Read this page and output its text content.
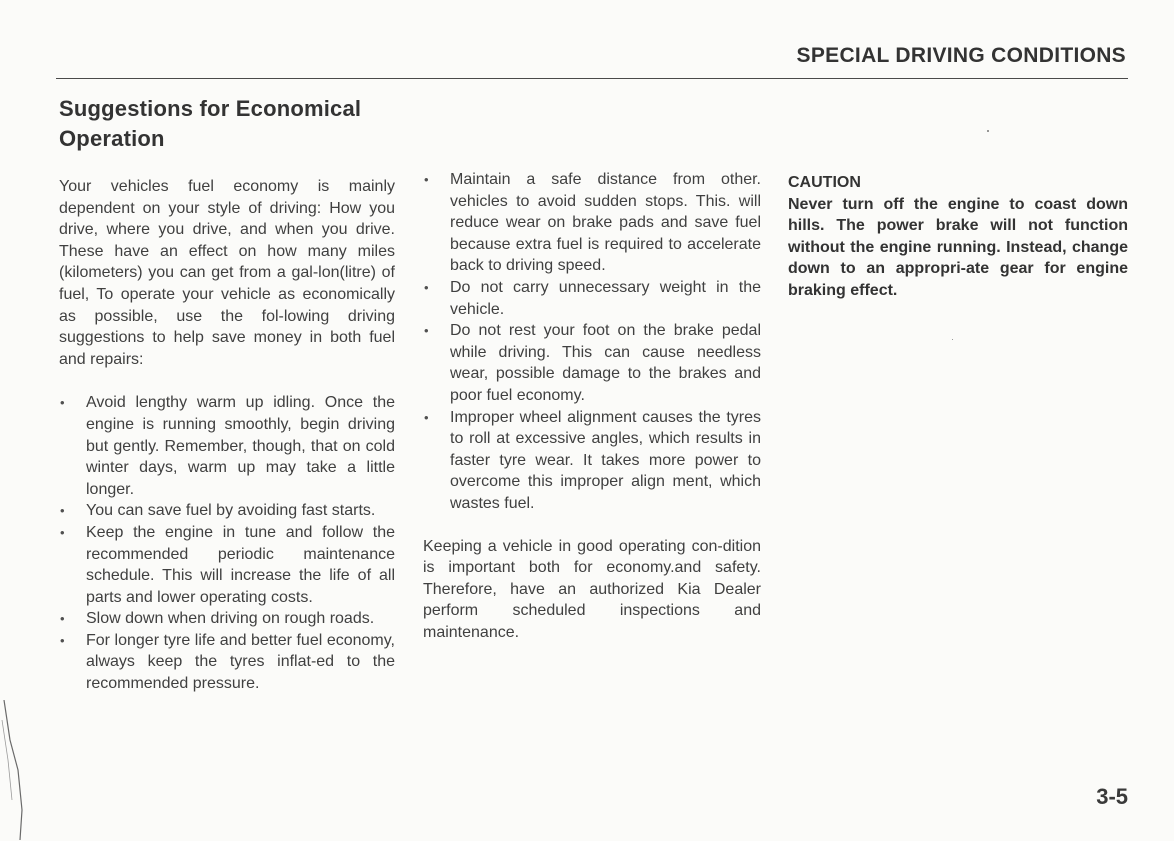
SPECIAL DRIVING CONDITIONS
Suggestions for Economical Operation

Your vehicles fuel economy is mainly dependent on your style of driving: How you drive, where you drive, and when you drive. These have an effect on how many miles (kilometers) you can get from a gal-lon(litre) of fuel, To operate your vehicle as economically as possible, use the fol-lowing driving suggestions to help save money in both fuel and repairs:

• Avoid lengthy warm up idling. Once the engine is running smoothly, begin driving but gently. Remember, though, that on cold winter days, warm up may take a little longer.
• You can save fuel by avoiding fast starts.
• Keep the engine in tune and follow the recommended periodic maintenance schedule. This will increase the life of all parts and lower operating costs.
• Slow down when driving on rough roads.
• For longer tyre life and better fuel economy, always keep the tyres inflat-ed to the recommended pressure.
• Maintain a safe distance from other. vehicles to avoid sudden stops. This. will reduce wear on brake pads and save fuel because extra fuel is required to accelerate back to driving speed.
• Do not carry unnecessary weight in the vehicle.
• Do not rest your foot on the brake pedal while driving. This can cause needless wear, possible damage to the brakes and poor fuel economy.
• Improper wheel alignment causes the tyres to roll at excessive angles, which results in faster tyre wear. It takes more power to overcome this improper align ment, which wastes fuel.

Keeping a vehicle in good operating con-dition is important both for economy.and safety. Therefore, have an authorized Kia Dealer perform scheduled inspections and maintenance.

CAUTION
Never turn off the engine to coast down hills. The power brake will not function without the engine running. Instead, change down to an appropri-ate gear for engine braking effect.
3-5
